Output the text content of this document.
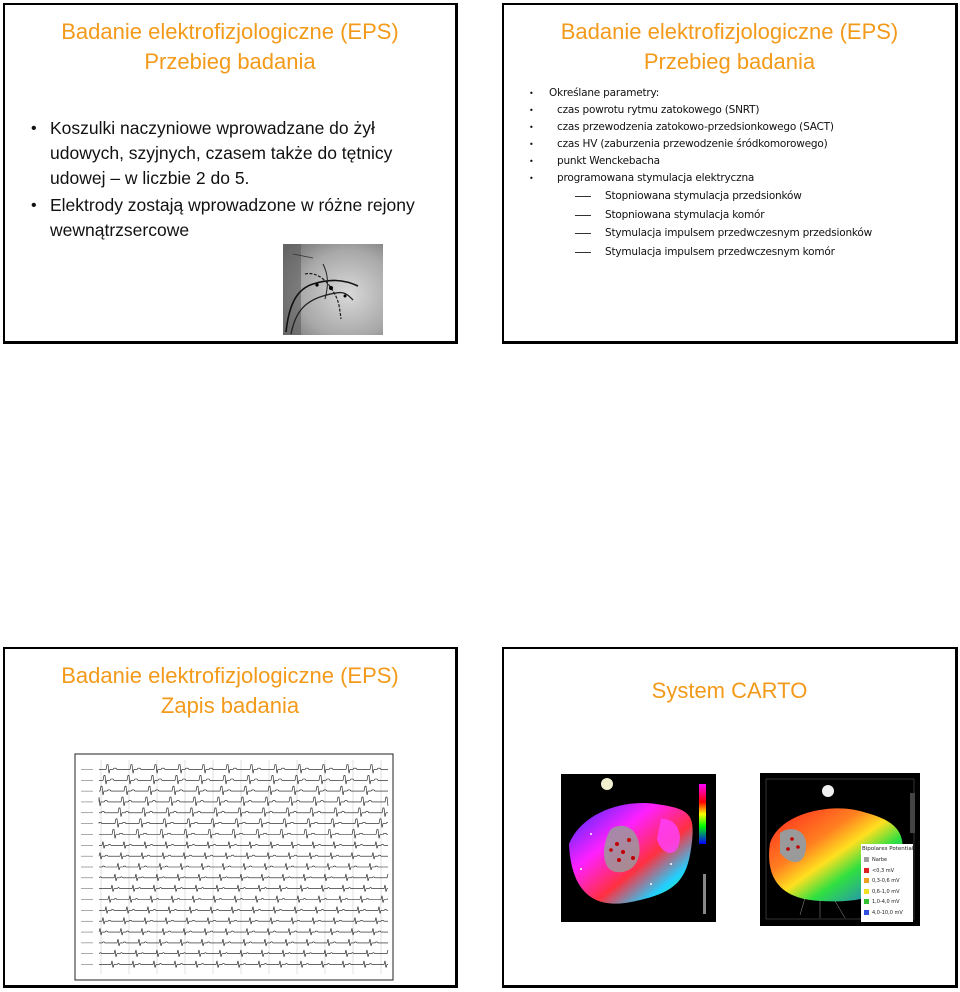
Badanie elektrofizjologiczne (EPS)
Przebieg badania
• Koszulki naczyniowe wprowadzane do żył udowych, szyjnych, czasem także do tętnicy udowej – w liczbie 2 do 5.
• Elektrody zostają wprowadzone w różne rejony wewnątrzsercowe
Badanie elektrofizjologiczne (EPS)
Przebieg badania
• Określane parametry:
• czas powrotu rytmu zatokowego (SNRT)
• czas przewodzenia zatokowo-przedsionkowego (SACT)
• czas HV (zaburzenia przewodzenie śródkomorowego)
• punkt Wenckebacha
• programowana stymulacja elektryczna
Stopniowana stymulacja przedsionków
Stopniowana stymulacja komór
Stymulacja impulsem przedwczesnym przedsionków
Stymulacja impulsem przedwczesnym komór
Badanie elektrofizjologiczne (EPS)
Zapis badania
System CARTO
Bipolares Potential
Narbe
<0,3 mV
0,3-0,6 mV
0,6-1,0 mV
1,0-4,0 mV
4,0-10,0 mV
